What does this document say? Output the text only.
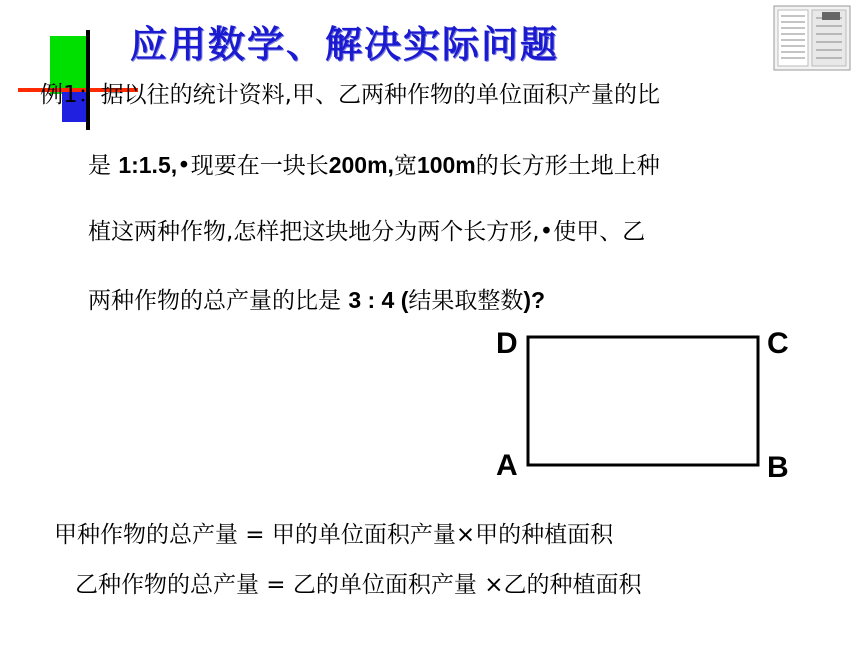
应用数学、解决实际问题
例1：据以往的统计资料,甲、乙两种作物的单位面积产量的比
是 1:1.5,•现要在一块长200m,宽100m的长方形土地上种
植这两种作物,怎样把这块地分为两个长方形,•使甲、乙
两种作物的总产量的比是 3 : 4 (结果取整数)?
D	C
A	B
甲种作物的总产量 = 甲的单位面积产量×甲的种植面积
乙种作物的总产量 = 乙的单位面积产量 ×乙的种植面积
